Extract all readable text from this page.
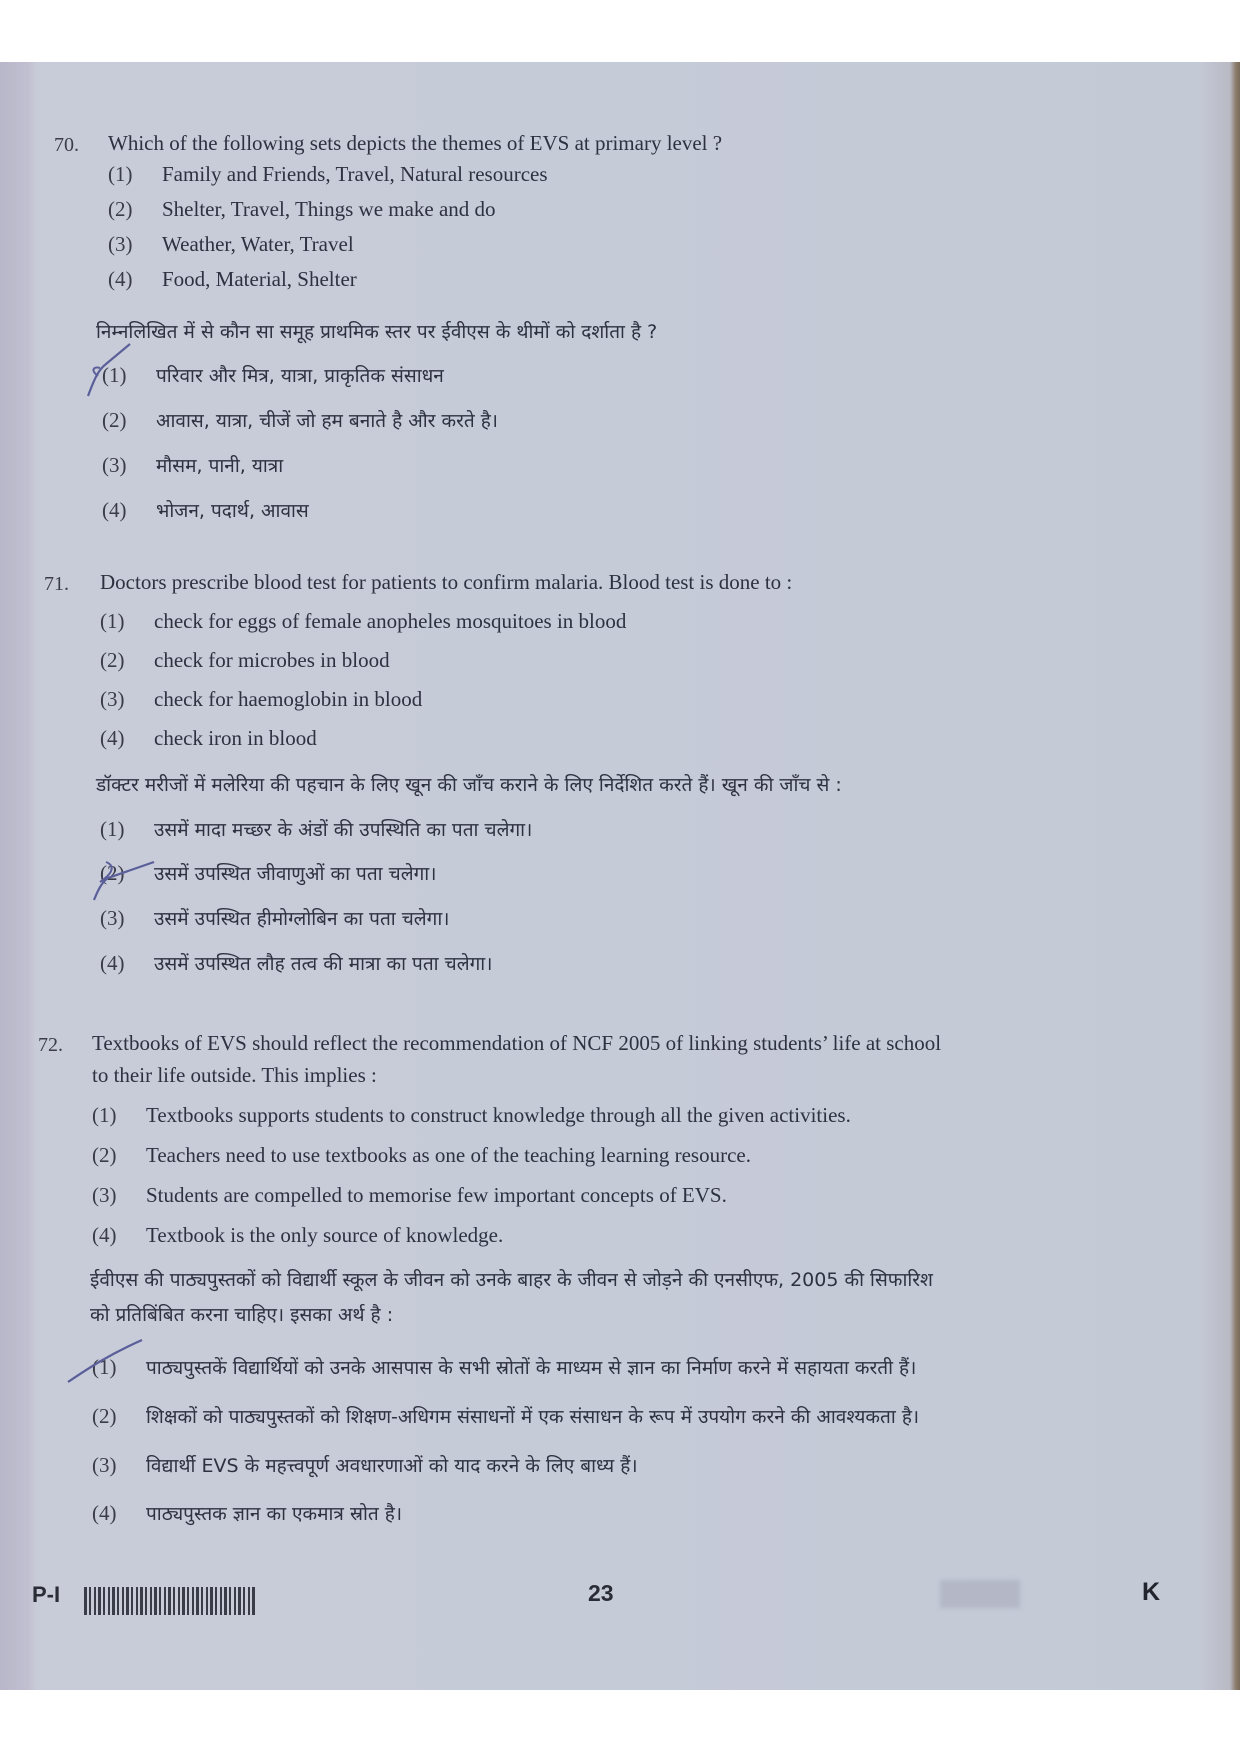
70. Which of the following sets depicts the themes of EVS at primary level ?
(1) Family and Friends, Travel, Natural resources
(2) Shelter, Travel, Things we make and do
(3) Weather, Water, Travel
(4) Food, Material, Shelter
निम्नलिखित में से कौन सा समूह प्राथमिक स्तर पर ईवीएस के थीमों को दर्शाता है ?
(1) परिवार और मित्र, यात्रा, प्राकृतिक संसाधन
(2) आवास, यात्रा, चीजें जो हम बनाते है और करते है।
(3) मौसम, पानी, यात्रा
(4) भोजन, पदार्थ, आवास
71. Doctors prescribe blood test for patients to confirm malaria. Blood test is done to :
(1) check for eggs of female anopheles mosquitoes in blood
(2) check for microbes in blood
(3) check for haemoglobin in blood
(4) check iron in blood
डॉक्टर मरीजों में मलेरिया की पहचान के लिए खून की जाँच कराने के लिए निर्देशित करते हैं। खून की जाँच से :
(1) उसमें मादा मच्छर के अंडों की उपस्थिति का पता चलेगा।
(2) उसमें उपस्थित जीवाणुओं का पता चलेगा।
(3) उसमें उपस्थित हीमोग्लोबिन का पता चलेगा।
(4) उसमें उपस्थित लौह तत्व की मात्रा का पता चलेगा।
72. Textbooks of EVS should reflect the recommendation of NCF 2005 of linking students’ life at school
to their life outside. This implies :
(1) Textbooks supports students to construct knowledge through all the given activities.
(2) Teachers need to use textbooks as one of the teaching learning resource.
(3) Students are compelled to memorise few important concepts of EVS.
(4) Textbook is the only source of knowledge.
ईवीएस की पाठ्यपुस्तकों को विद्यार्थी स्कूल के जीवन को उनके बाहर के जीवन से जोड़ने की एनसीएफ, 2005 की सिफारिश
को प्रतिबिंबित करना चाहिए। इसका अर्थ है :
(1) पाठ्यपुस्तकें विद्यार्थियों को उनके आसपास के सभी स्रोतों के माध्यम से ज्ञान का निर्माण करने में सहायता करती हैं।
(2) शिक्षकों को पाठ्यपुस्तकों को शिक्षण-अधिगम संसाधनों में एक संसाधन के रूप में उपयोग करने की आवश्यकता है।
(3) विद्यार्थी EVS के महत्त्वपूर्ण अवधारणाओं को याद करने के लिए बाध्य हैं।
(4) पाठ्यपुस्तक ज्ञान का एकमात्र स्रोत है।
P-I	23	K
